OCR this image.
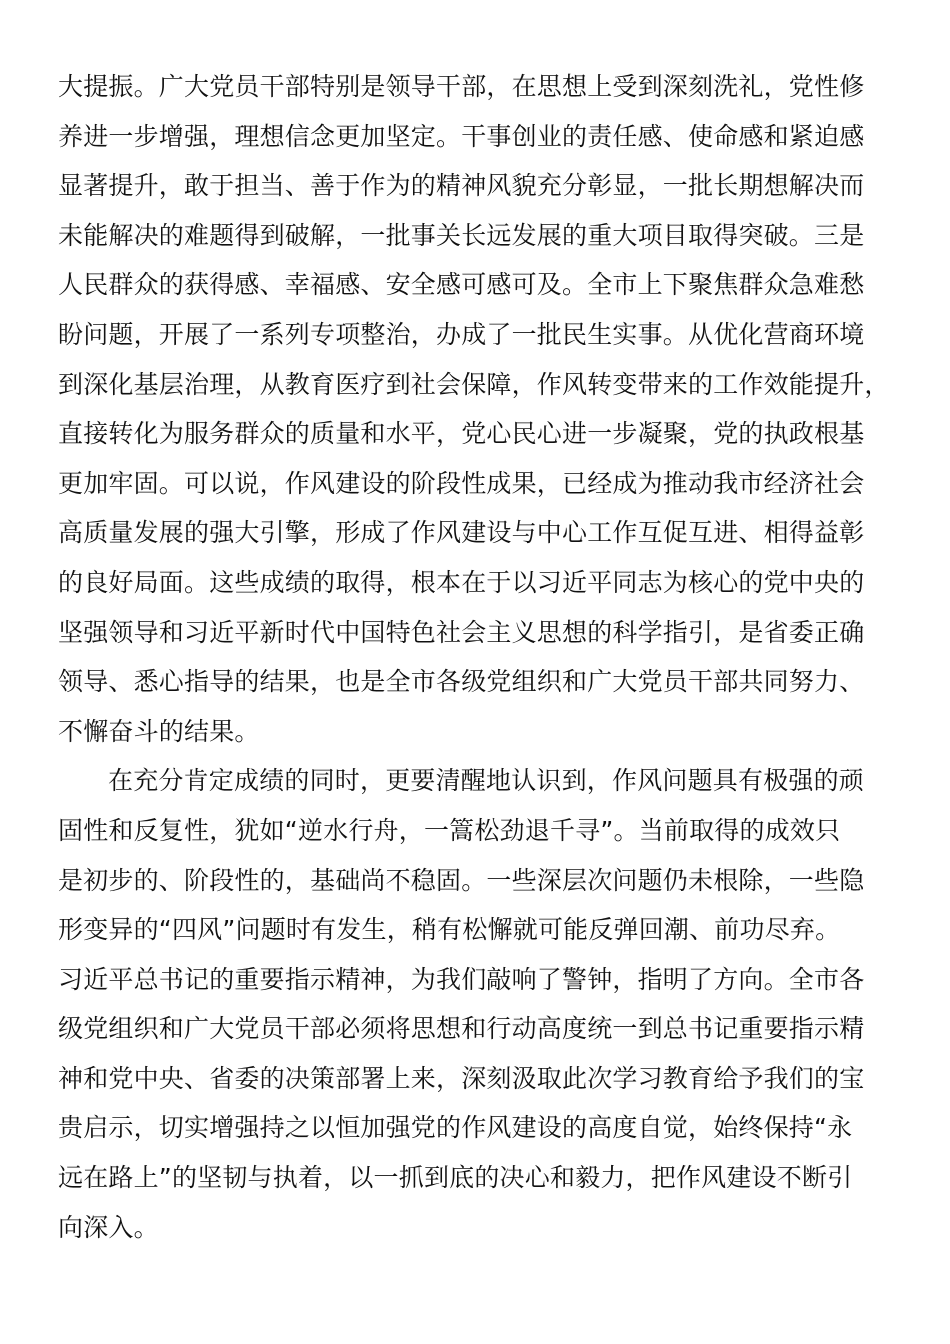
大提振。广大党员干部特别是领导干部，在思想上受到深刻洗礼，党性修
养进一步增强，理想信念更加坚定。干事创业的责任感、使命感和紧迫感
显著提升，敢于担当、善于作为的精神风貌充分彰显，一批长期想解决而
未能解决的难题得到破解，一批事关长远发展的重大项目取得突破。三是
人民群众的获得感、幸福感、安全感可感可及。全市上下聚焦群众急难愁
盼问题，开展了一系列专项整治，办成了一批民生实事。从优化营商环境
到深化基层治理，从教育医疗到社会保障，作风转变带来的工作效能提升，
直接转化为服务群众的质量和水平，党心民心进一步凝聚，党的执政根基
更加牢固。可以说，作风建设的阶段性成果，已经成为推动我市经济社会
高质量发展的强大引擎，形成了作风建设与中心工作互促互进、相得益彰
的良好局面。这些成绩的取得，根本在于以习近平同志为核心的党中央的
坚强领导和习近平新时代中国特色社会主义思想的科学指引，是省委正确
领导、悉心指导的结果，也是全市各级党组织和广大党员干部共同努力、
不懈奋斗的结果。
在充分肯定成绩的同时，更要清醒地认识到，作风问题具有极强的顽
固性和反复性，犹如“逆水行舟，一篙松劲退千寻”。当前取得的成效只
是初步的、阶段性的，基础尚不稳固。一些深层次问题仍未根除，一些隐
形变异的“四风”问题时有发生，稍有松懈就可能反弹回潮、前功尽弃。
习近平总书记的重要指示精神，为我们敲响了警钟，指明了方向。全市各
级党组织和广大党员干部必须将思想和行动高度统一到总书记重要指示精
神和党中央、省委的决策部署上来，深刻汲取此次学习教育给予我们的宝
贵启示，切实增强持之以恒加强党的作风建设的高度自觉，始终保持“永
远在路上”的坚韧与执着，以一抓到底的决心和毅力，把作风建设不断引
向深入。
